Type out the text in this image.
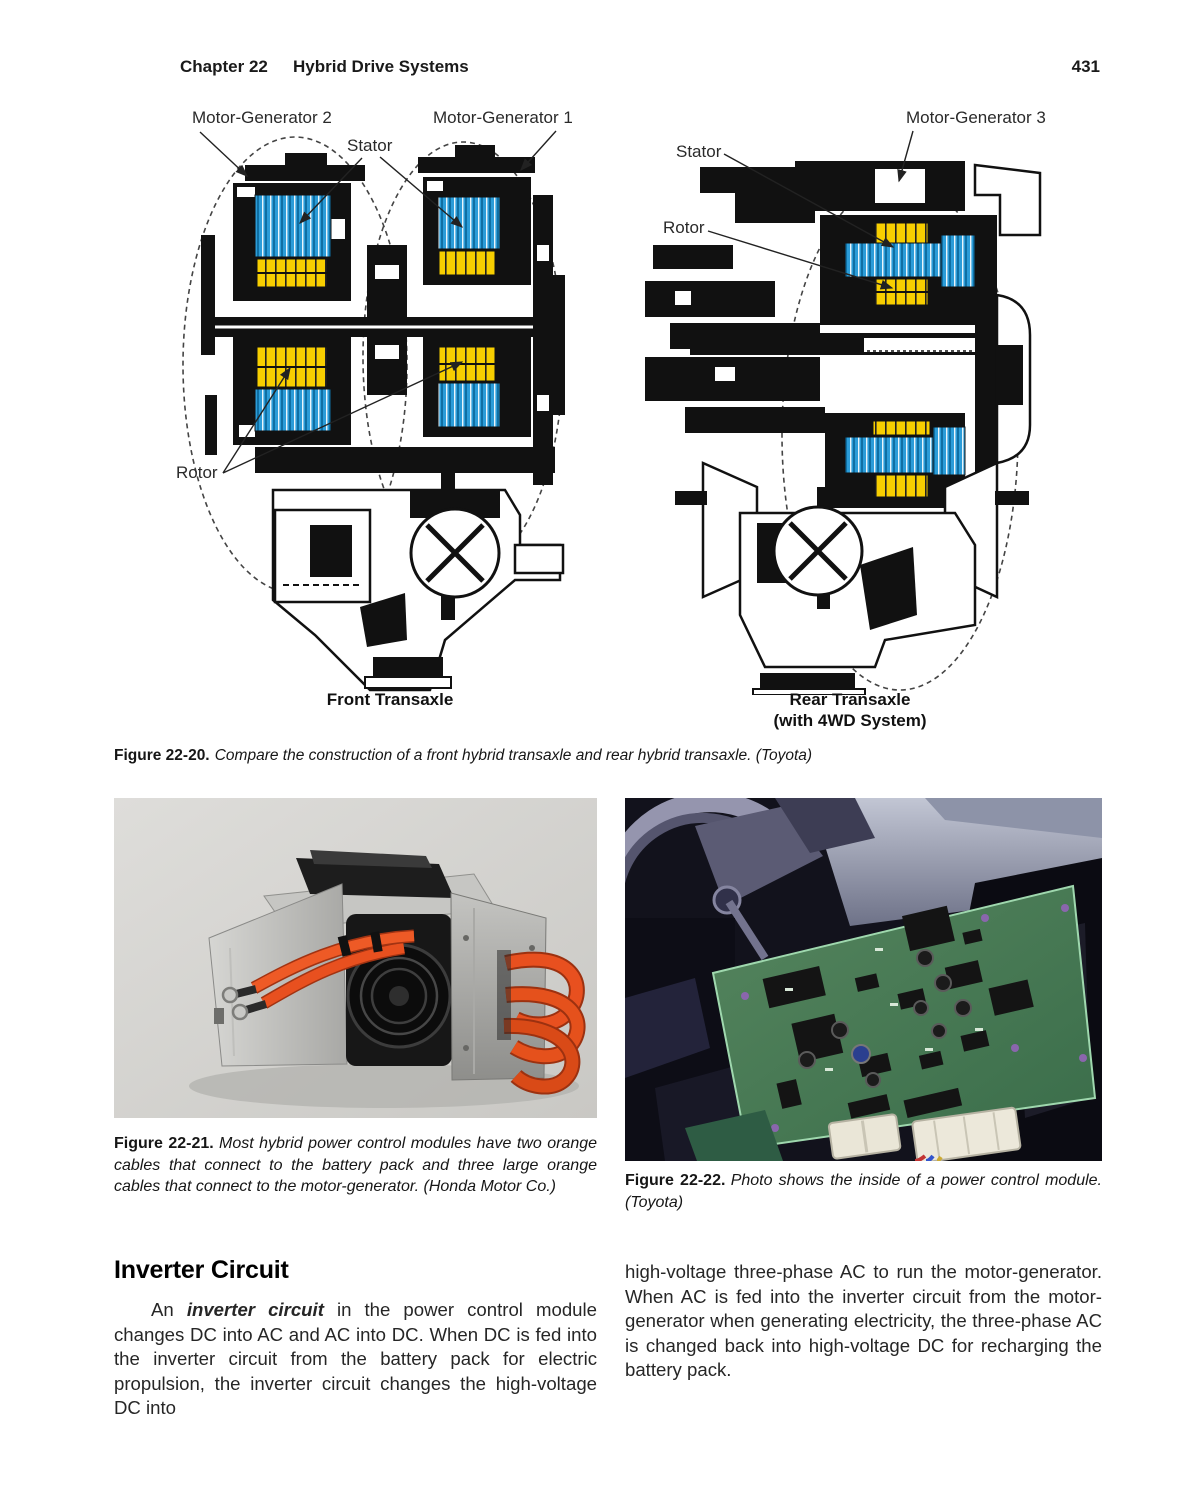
Chapter 22 Hybrid Drive Systems	431
Motor-Generator 2	Motor-Generator 1
Stator
Rotor
Motor-Generator 3
Stator
Rotor
Front Transaxle	Rear Transaxle
(with 4WD System)

Figure 22-20. Compare the construction of a front hybrid transaxle and rear hybrid transaxle. (Toyota)

Figure 22-21. Most hybrid power control modules have two orange cables that connect to the battery pack and three large orange cables that connect to the motor-generator. (Honda Motor Co.)	Figure 22-22. Photo shows the inside of a power control module. (Toyota)

Inverter Circuit

An inverter circuit in the power control module changes DC into AC and AC into DC. When DC is fed into the inverter circuit from the battery pack for electric propulsion, the inverter circuit changes the high-voltage DC into

high-voltage three-phase AC to run the motor-generator. When AC is fed into the inverter circuit from the motor-generator when generating electricity, the three-phase AC is changed back into high-voltage DC for recharging the battery pack.
